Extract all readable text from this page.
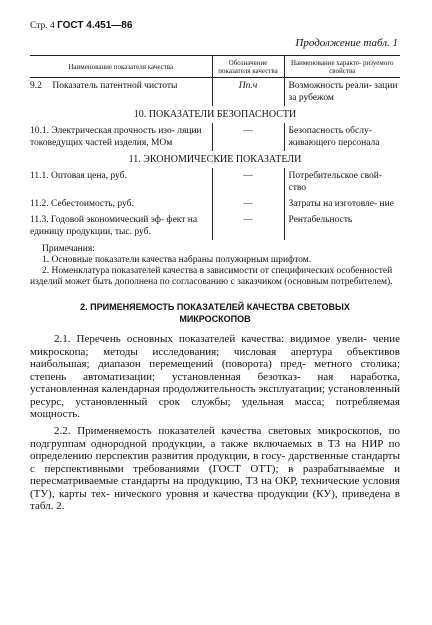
Стр. 4 ГОСТ 4.451—86
Продолжение табл. 1
Наименование показателя качества	Обозначение показателя качества	Наименование характе- ризуемого свойства
9.2 Показатель патентной чистоты	Пп.ч	Возможность реали- зации за рубежом
10. ПОКАЗАТЕЛИ БЕЗОПАСНОСТИ		
10.1. Электрическая прочность изо- ляции токоведущих частей изделия, МОм	—	Безопасность обслу- живающего персонала
11. ЭКОНОМИЧЕСКИЕ ПОКАЗАТЕЛИ		
11.1. Оптовая цена, руб.	—	Потребительское свой- ство
11.2. Себестоимость, руб.	—	Затраты на изготовле- ние
11.3. Годовой экономический эф- фект на единицу продукции, тыс. руб.	—	Рентабельность
Примечания:
1. Основные показатели качества набраны полужирным шрифтом.
2. Номенклатура показателей качества в зависимости от специфических особенностей изделий может быть дополнена по согласованию с заказчиком (основным потребителем).
2. ПРИМЕНЯЕМОСТЬ ПОКАЗАТЕЛЕЙ КАЧЕСТВА СВЕТОВЫХ
МИКРОСКОПОВ
2.1. Перечень основных показателей качества: видимое увели- чение микроскопа; методы исследования; числовая апертура объективов наибольшая; диапазон перемещений (поворота) пред- метного столика; степень автоматизации; установленная безотказ- ная наработка, установленная календарная продолжительность эксплуатации; установленный ресурс, установленный срок службы; удельная масса; потребляемая мощность.
2.2. Применяемость показателей качества световых микроскопов, по подгруппам однородной продукции, а также включаемых в ТЗ на НИР по определению перспектив развития продукции, в госу- дарственные стандарты с перспективными требованиями (ГОСТ ОТТ); в разрабатываемые и пересматриваемые стандарты на продукцию, ТЗ на ОКР, технические условия (ТУ), карты тех- нического уровня и качества продукции (КУ), приведена в табл. 2.
